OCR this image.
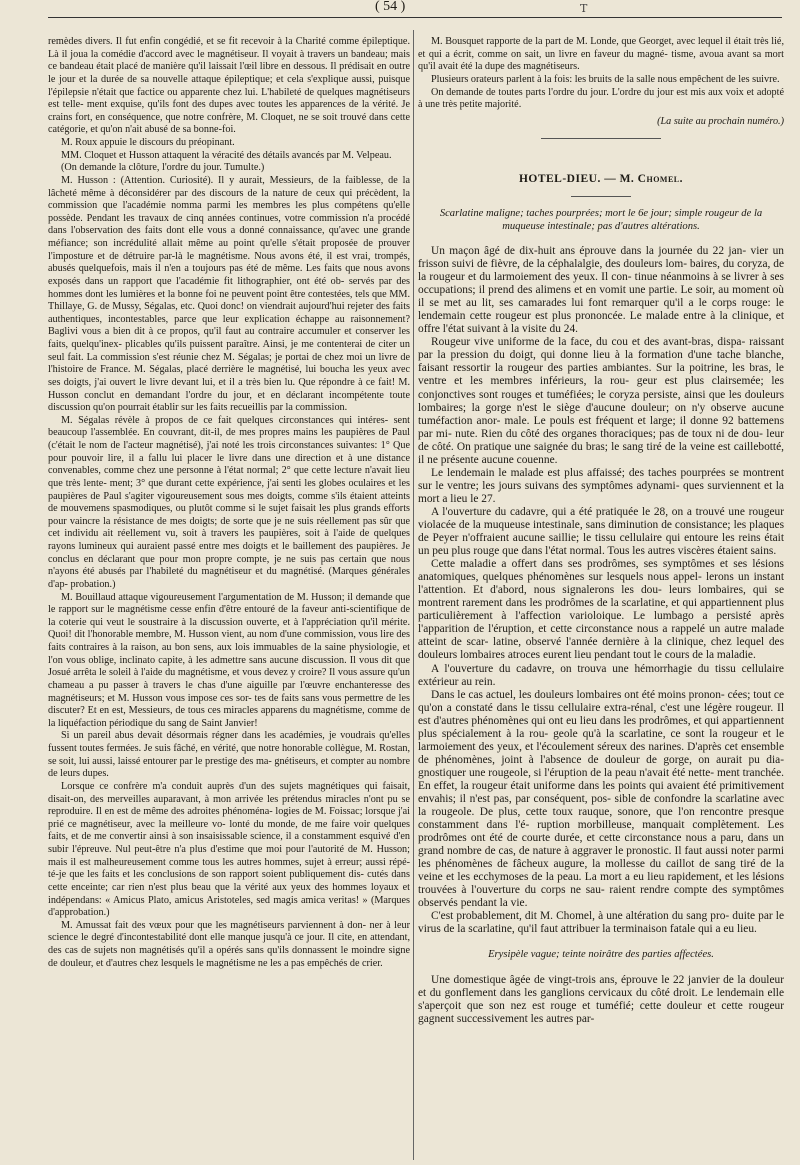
( 54 )	T

remèdes divers. Il fut enfin congédié, et se fit recevoir à la Charité comme épileptique. Là il joua la comédie d'accord avec le magnétiseur. Il voyait à travers un bandeau; mais ce bandeau était placé de manière qu'il laissait l'œil libre en dessous. Il prédisait en outre le jour et la durée de sa nouvelle attaque épileptique; et cela s'explique aussi, puisque l'épilepsie n'était que factice ou apparente chez lui. L'habileté de quelques magnétiseurs est telle- ment exquise, qu'ils font des dupes avec toutes les apparences de la vérité. Je crains fort, en conséquence, que notre confrère, M. Cloquet, ne se soit trouvé dans cette catégorie, et qu'on n'ait abusé de sa bonne-foi.

M. Roux appuie le discours du préopinant.

MM. Cloquet et Husson attaquent la véracité des détails avancés par M. Velpeau.

(On demande la clôture, l'ordre du jour. Tumulte.)

M. Husson : (Attention. Curiosité). Il y aurait, Messieurs, de la faiblesse, de la lâcheté même à déconsidérer par des discours de la nature de ceux qui précèdent, la commission que l'académie nomma parmi les membres les plus compétens qu'elle possède. Pendant les travaux de cinq années continues, votre commission n'a procédé dans l'observation des faits dont elle vous a donné connaissance, qu'avec une grande méfiance; son incrédulité allait même au point qu'elle s'était proposée de prouver l'imposture et de détruire par-là le magnétisme. Nous avons été, il est vrai, trompés, abusés quelquefois, mais il n'en a toujours pas été de même. Les faits que nous avons exposés dans un rapport que l'académie fit lithographier, ont été ob- servés par des hommes dont les lumières et la bonne foi ne peuvent point être contestées, tels que MM. Thillaye, G. de Mussy, Ségalas, etc. Quoi donc! on viendrait aujourd'hui rejeter des faits authentiques, incontestables, parce que leur explication échappe au raisonnement? Baglivi vous a bien dit à ce propos, qu'il faut au contraire accumuler et conserver les faits, quelqu'inex- plicables qu'ils puissent paraître. Ainsi, je me contenterai de citer un seul fait. La commission s'est réunie chez M. Ségalas; je portai de chez moi un livre de l'histoire de France. M. Ségalas, placé derrière le magnétisé, lui boucha les yeux avec ses doigts, j'ai ouvert le livre devant lui, et il a très bien lu. Que répondre à ce fait! M. Husson conclut en demandant l'ordre du jour, et en déclarant incompétente toute discussion qu'on pourrait établir sur les faits recueillis par la commission.

M. Ségalas révèle à propos de ce fait quelques circonstances qui intéres- sent beaucoup l'assemblée. En couvrant, dit-il, de mes propres mains les paupières de Paul (c'était le nom de l'acteur magnétisé), j'ai noté les trois circonstances suivantes: 1° Que pour pouvoir lire, il a fallu lui placer le livre dans une direction et à une distance convenables, comme chez une personne à l'état normal; 2° que cette lecture n'avait lieu que très lente- ment; 3° que durant cette expérience, j'ai senti les globes oculaires et les paupières de Paul s'agiter vigoureusement sous mes doigts, comme s'ils étaient atteints de mouvemens spasmodiques, ou plutôt comme si le sujet faisait les plus grands efforts pour vaincre la résistance de mes doigts; de sorte que je ne suis réellement pas sûr que cet individu ait réellement vu, soit à travers les paupières, soit à l'aide de quelques rayons lumineux qui auraient passé entre mes doigts et le baillement des paupières. Je conclus en déclarant que pour mon propre compte, je ne suis pas certain que nous n'ayons été abusés par l'habileté du magnétiseur et du magnétisé. (Marques générales d'ap- probation.)

M. Bouillaud attaque vigoureusement l'argumentation de M. Husson; il demande que le rapport sur le magnétisme cesse enfin d'être entouré de la faveur anti-scientifique de la coterie qui veut le soustraire à la discussion ouverte, et à l'appréciation qu'il mérite. Quoi! dit l'honorable membre, M. Husson vient, au nom d'une commission, vous lire des faits contraires à la raison, au bon sens, aux lois immuables de la saine physiologie, et l'on vous oblige, inclinato capite, à les admettre sans aucune discussion. Il vous dit que Josué arrêta le soleil à l'aide du magnétisme, et vous devez y croire? Il vous assure qu'un chameau a pu passer à travers le chas d'une aiguille par l'œuvre enchanteresse des magnétiseurs; et M. Husson vous impose ces sor- tes de faits sans vous permettre de les discuter? Et en est, Messieurs, de tous ces miracles apparens du magnétisme, comme de la liquéfaction périodique du sang de Saint Janvier!

Si un pareil abus devait désormais régner dans les académies, je voudrais qu'elles fussent toutes fermées. Je suis fâché, en vérité, que notre honorable collègue, M. Rostan, se soit, lui aussi, laissé entourer par le prestige des ma- gnétiseurs, et compter au nombre de leurs dupes.

Lorsque ce confrère m'a conduit auprès d'un des sujets magnétiques qui faisait, disait-on, des merveilles auparavant, à mon arrivée les prétendus miracles n'ont pu se reproduire. Il en est de même des adroites phénoména- logies de M. Foissac; lorsque j'ai prié ce magnétiseur, avec la meilleure vo- lonté du monde, de me faire voir quelques faits, et de me convertir ainsi à son insaisissable science, il a constamment esquivé d'en subir l'épreuve. Nul peut-être n'a plus d'estime que moi pour l'autorité de M. Husson; mais il est malheureusement comme tous les autres hommes, sujet à erreur; aussi répé- té-je que les faits et les conclusions de son rapport soient publiquement dis- cutés dans cette enceinte; car rien n'est plus beau que la vérité aux yeux des hommes loyaux et indépendans: « Amicus Plato, amicus Aristoteles, sed magis amica veritas! » (Marques d'approbation.)

M. Amussat fait des vœux pour que les magnétiseurs parviennent à don- ner à leur science le degré d'incontestabilité dont elle manque jusqu'à ce jour. Il cite, en attendant, des cas de sujets non magnétisés qu'il a opérés sans qu'ils donnassent le moindre signe de douleur, et d'autres chez lesquels le magnétisme ne les a pas empêchés de crier.

M. Bousquet rapporte de la part de M. Londe, que Georget, avec lequel il était très lié, et qui a écrit, comme on sait, un livre en faveur du magné- tisme, avoua avant sa mort qu'il avait été la dupe des magnétiseurs.

Plusieurs orateurs parlent à la fois: les bruits de la salle nous empêchent de les suivre.

On demande de toutes parts l'ordre du jour. L'ordre du jour est mis aux voix et adopté à une très petite majorité.

(La suite au prochain numéro.)

HOTEL-DIEU. — M. Chomel.

Scarlatine maligne; taches pourprées; mort le 6e jour; simple rougeur de la muqueuse intestinale; pas d'autres altérations.

Un maçon âgé de dix-huit ans éprouve dans la journée du 22 jan- vier un frisson suivi de fièvre, de la céphalalgie, des douleurs lom- baires, du coryza, de la rougeur et du larmoiement des yeux. Il con- tinue néanmoins à se livrer à ses occupations; il prend des alimens et en vomit une partie. Le soir, au moment où il se met au lit, ses camarades lui font remarquer qu'il a le corps rouge: le lendemain cette rougeur est plus prononcée. Le malade entre à la clinique, et offre l'état suivant à la visite du 24.

Rougeur vive uniforme de la face, du cou et des avant-bras, dispa- raissant par la pression du doigt, qui donne lieu à la formation d'une tache blanche, faisant ressortir la rougeur des parties ambiantes. Sur la poitrine, les bras, le ventre et les membres inférieurs, la rou- geur est plus clairsemée; les conjonctives sont rouges et tuméfiées; le coryza persiste, ainsi que les douleurs lombaires; la gorge n'est le siège d'aucune douleur; on n'y observe aucune tuméfaction anor- male. Le pouls est fréquent et large; il donne 92 battemens par mi- nute. Rien du côté des organes thoraciques; pas de toux ni de dou- leur de côté. On pratique une saignée du bras; le sang tiré de la veine est caillebotté, il ne présente aucune couenne.

Le lendemain le malade est plus affaissé; des taches pourprées se montrent sur le ventre; les jours suivans des symptômes adynami- ques surviennent et la mort a lieu le 27.

A l'ouverture du cadavre, qui a été pratiquée le 28, on a trouvé une rougeur violacée de la muqueuse intestinale, sans diminution de consistance; les plaques de Peyer n'offraient aucune saillie; le tissu cellulaire qui entoure les reins était un peu plus rouge que dans l'état normal. Tous les autres viscères étaient sains.

Cette maladie a offert dans ses prodrômes, ses symptômes et ses lésions anatomiques, quelques phénomènes sur lesquels nous appel- lerons un instant l'attention. Et d'abord, nous signalerons les dou- leurs lombaires, qui se montrent rarement dans les prodrômes de la scarlatine, et qui appartiennent plus particulièrement à l'affection varioloique. Le lumbago a persisté après l'apparition de l'éruption, et cette circonstance nous a rappelé un autre malade atteint de scar- latine, observé l'année dernière à la clinique, chez lequel des douleurs lombaires atroces eurent lieu pendant tout le cours de la maladie.

A l'ouverture du cadavre, on trouva une hémorrhagie du tissu cellulaire extérieur au rein.

Dans le cas actuel, les douleurs lombaires ont été moins pronon- cées; tout ce qu'on a constaté dans le tissu cellulaire extra-rénal, c'est une légère rougeur. Il est d'autres phénomènes qui ont eu lieu dans les prodrômes, et qui appartiennent plus spécialement à la rou- geole qu'à la scarlatine, ce sont la rougeur et le larmoiement des yeux, et l'écoulement séreux des narines. D'après cet ensemble de phénomènes, joint à l'absence de douleur de gorge, on aurait pu dia- gnostiquer une rougeole, si l'éruption de la peau n'avait été nette- ment tranchée. En effet, la rougeur était uniforme dans les points qui avaient été primitivement envahis; il n'est pas, par conséquent, pos- sible de confondre la scarlatine avec la rougeole. De plus, cette toux rauque, sonore, que l'on rencontre presque constamment dans l'é- ruption morbilleuse, manquait complètement. Les prodrômes ont été de courte durée, et cette circonstance nous a paru, dans un grand nombre de cas, de nature à aggraver le pronostic. Il faut aussi noter parmi les phénomènes de fâcheux augure, la mollesse du caillot de sang tiré de la veine et les ecchymoses de la peau. La mort a eu lieu rapidement, et les lésions trouvées à l'ouverture du corps ne sau- raient rendre compte des symptômes observés pendant la vie.

C'est probablement, dit M. Chomel, à une altération du sang pro- duite par le virus de la scarlatine, qu'il faut attribuer la terminaison fatale qui a eu lieu.

Erysipèle vague; teinte noirâtre des parties affectées.

Une domestique âgée de vingt-trois ans, éprouve le 22 janvier de la douleur et du gonflement dans les ganglions cervicaux du côté droit. Le lendemain elle s'aperçoit que son nez est rouge et tuméfié; cette douleur et cette rougeur gagnent successivement les autres par-
